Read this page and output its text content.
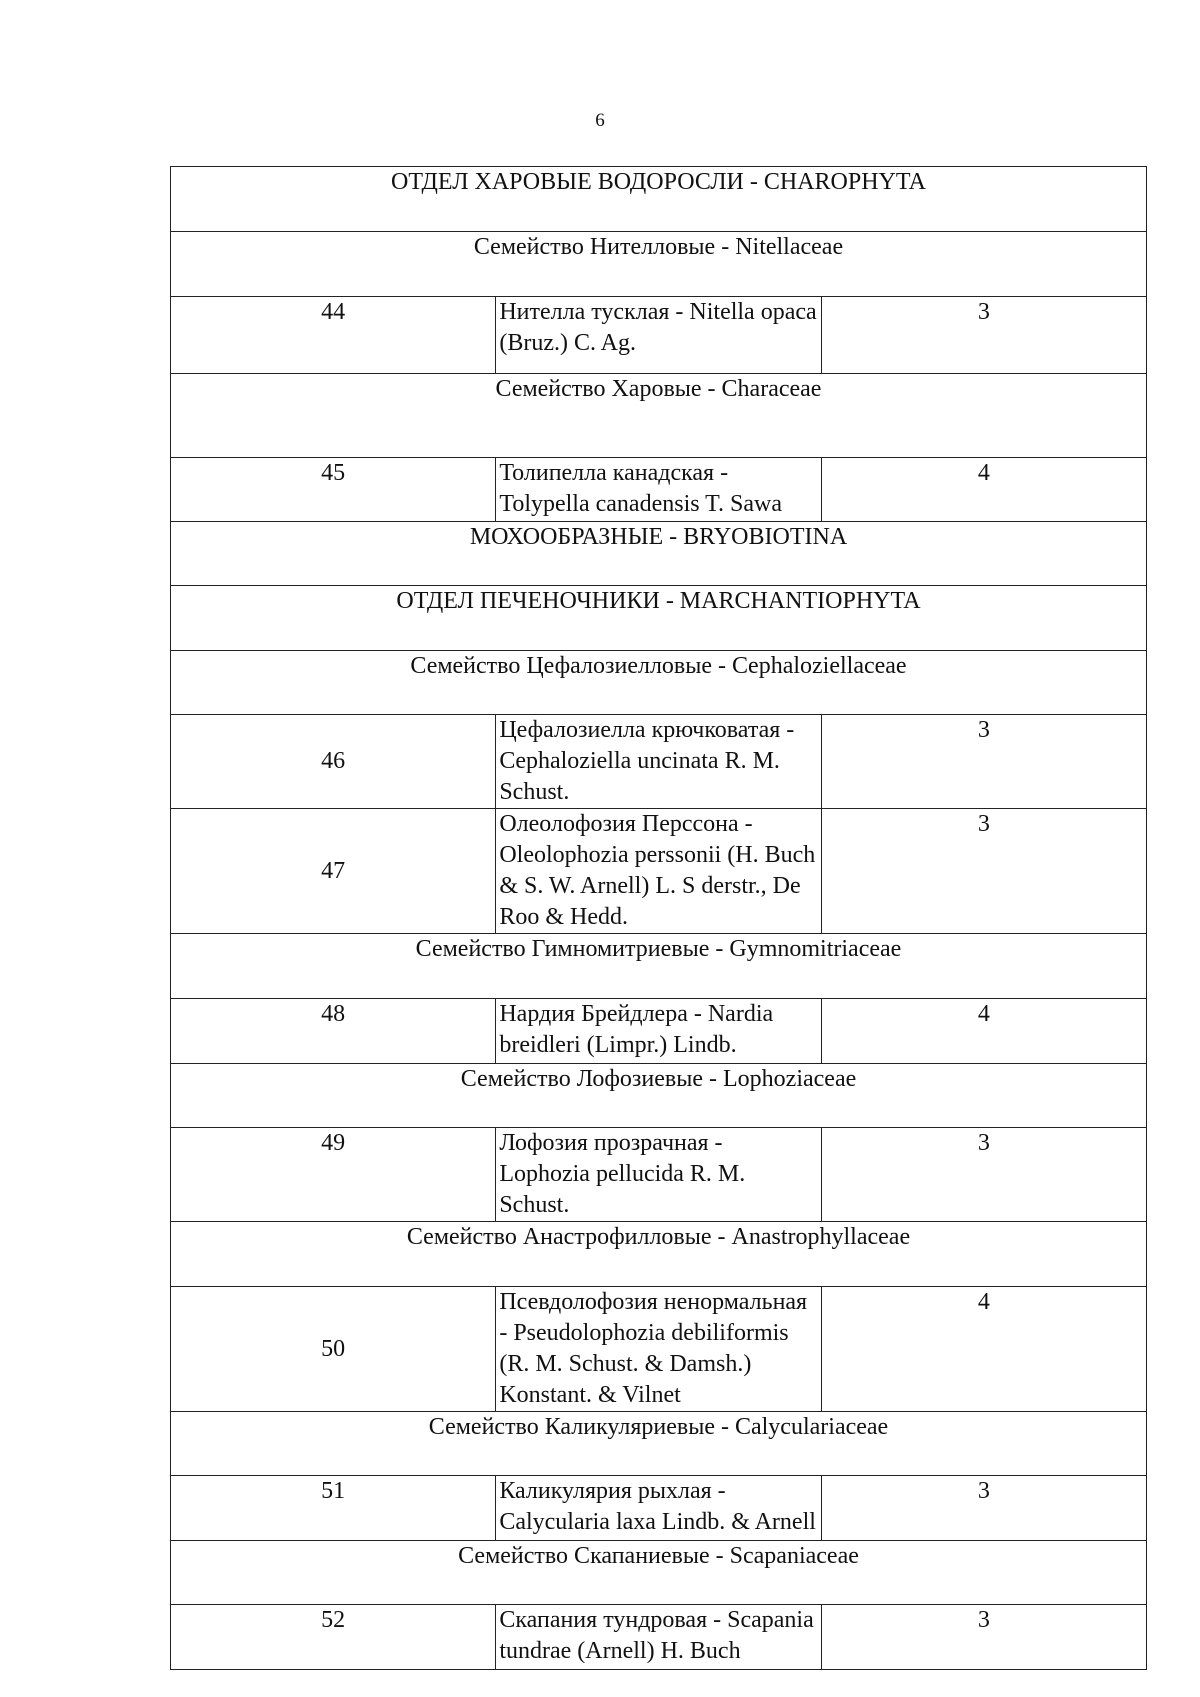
6
ОТДЕЛ ХАРОВЫЕ ВОДОРОСЛИ - CHAROPHYTA		
Семейство Нителловые - Nitellaceae		
44	Нителла тусклая - Nitella opaca (Bruz.) C. Ag.	3
Семейство Харовые - Characeae		
45	Толипелла канадская - Tolypella canadensis T. Sawa	4
МОХООБРАЗНЫЕ - BRYOBIOTINA		
ОТДЕЛ ПЕЧЕНОЧНИКИ - MARCHANTIOPHYTA		
Семейство Цефалозиелловые - Cephaloziellaceae		
46	Цефалозиелла крючковатая - Cephaloziella uncinata R. M. Schust.	3
47	Олеолофозия Перссона - Oleolophozia perssonii (H. Buch & S. W. Arnell) L. S derstr., De Roo & Hedd.	3
Семейство Гимномитриевые - Gymnomitriaceae		
48	Нардия Брейдлера - Nardia breidleri (Limpr.) Lindb.	4
Семейство Лофозиевые - Lophoziaceae		
49	Лофозия прозрачная - Lophozia pellucida R. M. Schust.	3
Семейство Анастрофилловые - Anastrophyllaceae		
50	Псевдолофозия ненормальная - Pseudolophozia debiliformis (R. M. Schust. & Damsh.) Konstant. & Vilnet	4
Семейство Каликуляриевые - Calyculariaceae		
51	Каликулярия рыхлая - Calycularia laxa Lindb. & Arnell	3
Семейство Скапаниевые - Scapaniaceae		
52	Скапания тундровая - Scapania tundrae (Arnell) H. Buch	3
